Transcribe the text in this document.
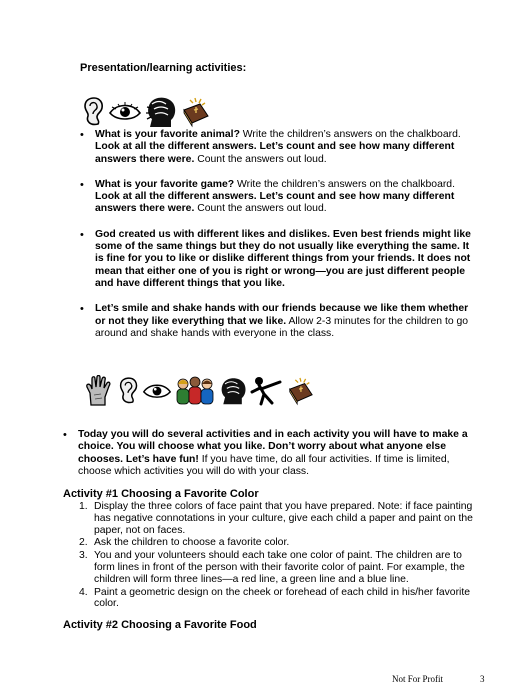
Presentation/learning activities:
• What is your favorite animal? Write the children’s answers on the chalkboard. Look at all the different answers. Let’s count and see how many different answers there were. Count the answers out loud.
• What is your favorite game? Write the children’s answers on the chalkboard. Look at all the different answers. Let’s count and see how many different answers there were. Count the answers out loud.
• God created us with different likes and dislikes. Even best friends might like some of the same things but they do not usually like everything the same. It is fine for you to like or dislike different things from your friends. It does not mean that either one of you is right or wrong—you are just different people and have different things that you like.
• Let’s smile and shake hands with our friends because we like them whether or not they like everything that we like. Allow 2-3 minutes for the children to go around and shake hands with everyone in the class.
• Today you will do several activities and in each activity you will have to make a choice. You will choose what you like. Don’t worry about what anyone else chooses. Let’s have fun! If you have time, do all four activities. If time is limited, choose which activities you will do with your class.
Activity #1 Choosing a Favorite Color
1. Display the three colors of face paint that you have prepared. Note: if face painting has negative connotations in your culture, give each child a paper and paint on the paper, not on faces.
2. Ask the children to choose a favorite color.
3. You and your volunteers should each take one color of paint. The children are to form lines in front of the person with their favorite color of paint. For example, the children will form three lines—a red line, a green line and a blue line.
4. Paint a geometric design on the cheek or forehead of each child in his/her favorite color.
Activity #2 Choosing a Favorite Food
Not For Profit	3
